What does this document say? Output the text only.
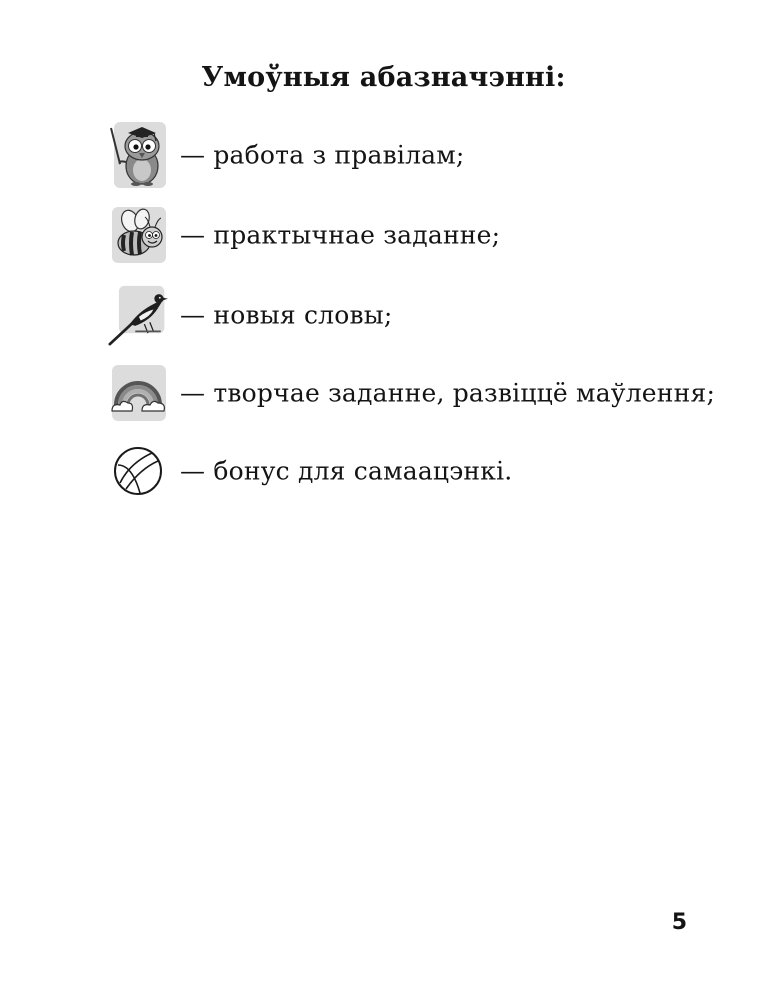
Умоўныя абазначэнні:
— работа з правілам;
— практычнае заданне;
— новыя словы;
— творчае заданне, развіццё маўлення;
— бонус для самаацэнкі.
5
